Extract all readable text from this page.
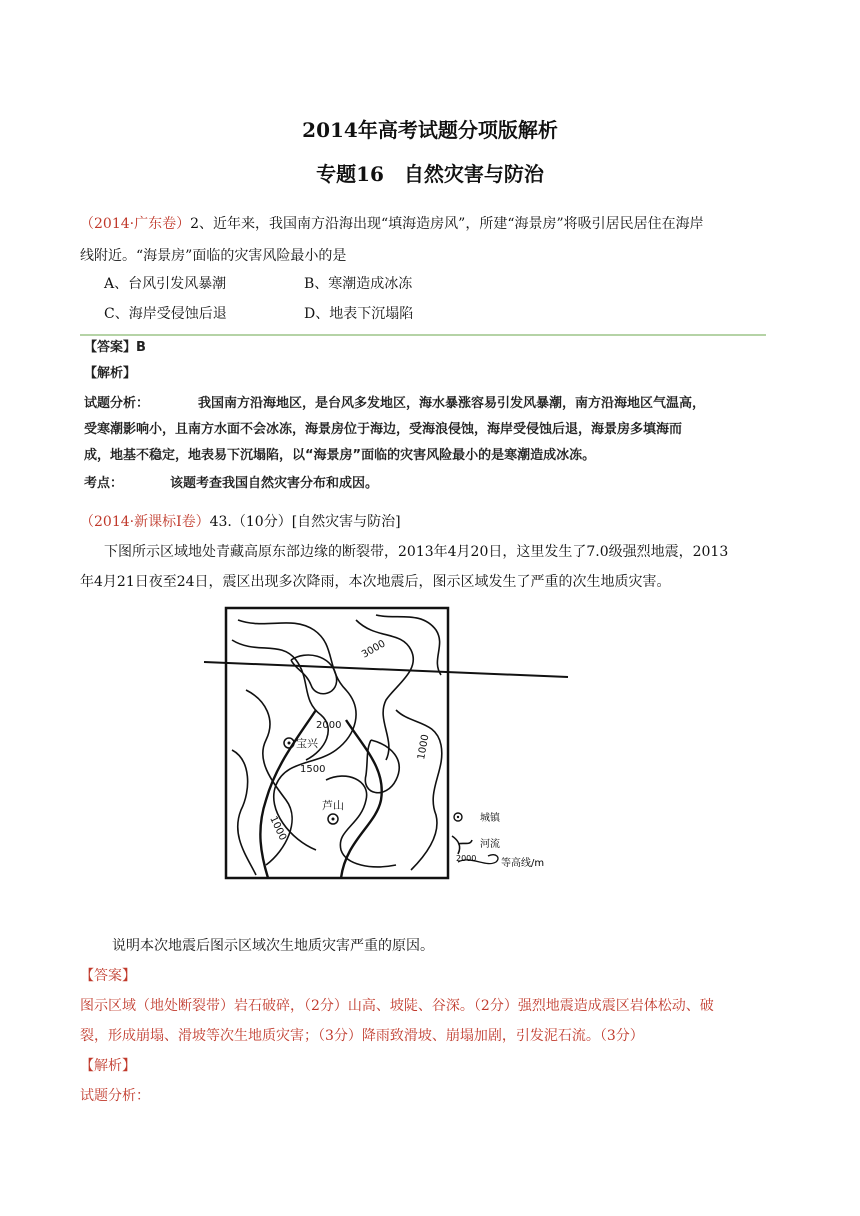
2014年高考试题分项版解析
专题16　自然灾害与防治
（2014·广东卷）2、近年来，我国南方沿海出现“填海造房风”，所建“海景房”将吸引居民居住在海岸
线附近。“海景房”面临的灾害风险最小的是
A、台风引发风暴潮	B、寒潮造成冰冻
C、海岸受侵蚀后退	D、地表下沉塌陷
【答案】B
【解析】
试题分析：	我国南方沿海地区，是台风多发地区，海水暴涨容易引发风暴潮，南方沿海地区气温高，
受寒潮影响小，且南方水面不会冰冻，海景房位于海边，受海浪侵蚀，海岸受侵蚀后退，海景房多填海而
成，地基不稳定，地表易下沉塌陷，以“海景房”面临的灾害风险最小的是寒潮造成冰冻。
考点：	该题考查我国自然灾害分布和成因。
（2014·新课标Ⅰ卷）43.（10分）[自然灾害与防治]
下图所示区域地处青藏高原东部边缘的断裂带，2013年4月20日，这里发生了7.0级强烈地震，2013
年4月21日夜至24日，震区出现多次降雨，本次地震后，图示区域发生了严重的次生地质灾害。
3000
2000
1500
1000
1000
宝兴
芦山
城镇
河流
2000 等高线/m
说明本次地震后图示区域次生地质灾害严重的原因。
【答案】
图示区域（地处断裂带）岩石破碎，（2分）山高、坡陡、谷深。（2分）强烈地震造成震区岩体松动、破
裂，形成崩塌、滑坡等次生地质灾害；（3分）降雨致滑坡、崩塌加剧，引发泥石流。（3分）
【解析】
试题分析：
